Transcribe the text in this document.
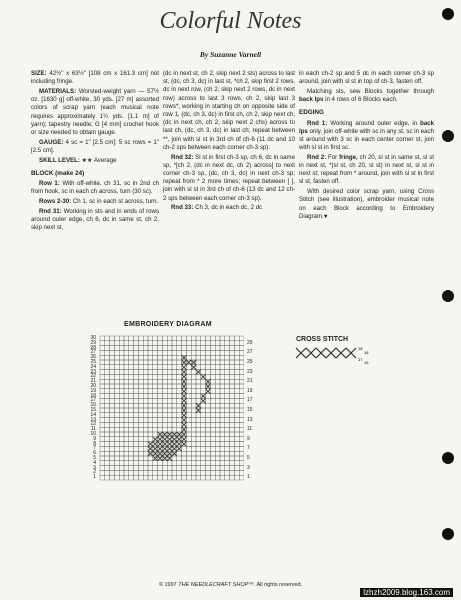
Colorful Notes
By Suzanne Varnell

SIZE: 42½" x 63½" [108 cm x 161.3 cm] not including fringe.

MATERIALS: Worsted-weight yarn — 57½ oz. [1630 g] off-white, 30 yds. [27 m] assorted colors of scrap yarn (each musical note requires approximately 1¼ yds. [1.1 m] of yarn); tapestry needle; G [4 mm] crochet hook or size needed to obtain gauge.

GAUGE: 4 sc = 1" [2.5 cm]; 5 sc rows = 1" [2.5 cm].

SKILL LEVEL: ★★ Average

BLOCK (make 24)

Row 1: With off-white, ch 31, sc in 2nd ch from hook, sc in each ch across, turn (30 sc).

Rows 2-30: Ch 1, sc in each st across, turn.

Rnd 31: Working in sts and in ends of rows around outer edge, ch 6, dc in same st, ch 2, skip next st,

(dc in next st, ch 2, skip next 2 sts) across to last st, (dc, ch 3, dc) in last st, *ch 2, skip first 2 rows, dc in next row, (ch 2, skip next 2 rows, dc in next row) across to last 3 rows, ch 2, skip last 3 rows*; working in starting ch on opposite side of row 1, (dc, ch 3, dc) in first ch, ch 2, skip next ch, (dc in next ch, ch 2, skip next 2 chs) across to last ch, (dc, ch 3, dc) in last ch; repeat between **, join with sl st in 3rd ch of ch-6 (11 dc and 10 ch-2 sps between each corner ch-3 sp).

Rnd 32: Sl st in first ch-3 sp, ch 6, dc in same sp, *[ch 2, (dc in next dc, ch 2) across] to next corner ch-3 sp, (dc, ch 3, dc) in next ch-3 sp; repeat from * 2 more times; repeat between [ ], join with sl st in 3rd ch of ch-6 (13 dc and 12 ch-2 sps between each corner ch-3 sp).

Rnd 33: Ch 3, dc in each dc, 2 dc

in each ch-2 sp and 5 dc in each corner ch-3 sp around, join with sl st in top of ch-3, fasten off.

Matching sts, sew Blocks together through back lps in 4 rows of 6 Blocks each.

EDGING

Rnd 1: Working around outer edge, in back lps only, join off-white with sc in any st, sc in each st around with 3 sc in each center corner st, join with sl st in first sc.

Rnd 2: For fringe, ch 20, sl st in same st, sl st in next st, *(sl st, ch 20, sl st) in next st, sl st in next st; repeat from * around, join with sl st in first sl st, fasten off.

With desired color scrap yarn, using Cross Stitch (see illustration), embroider musical note on each Block according to Embroidery Diagram.♥

EMBROIDERY DIAGRAM
30
29
28
27
26
25
24
23
22
21
20
19
18
17
16
15
14
13
12
11
10
9
8
7
6
5
4
3
2
1
29
27
25
23
21
19
17
15
13
11
9
7
5
3
1
CROSS STITCH
18
16
17
15
© 1997 THE NEEDLECRAFT SHOP™. All rights reserved.
lzhzh2009.blog.163.com
